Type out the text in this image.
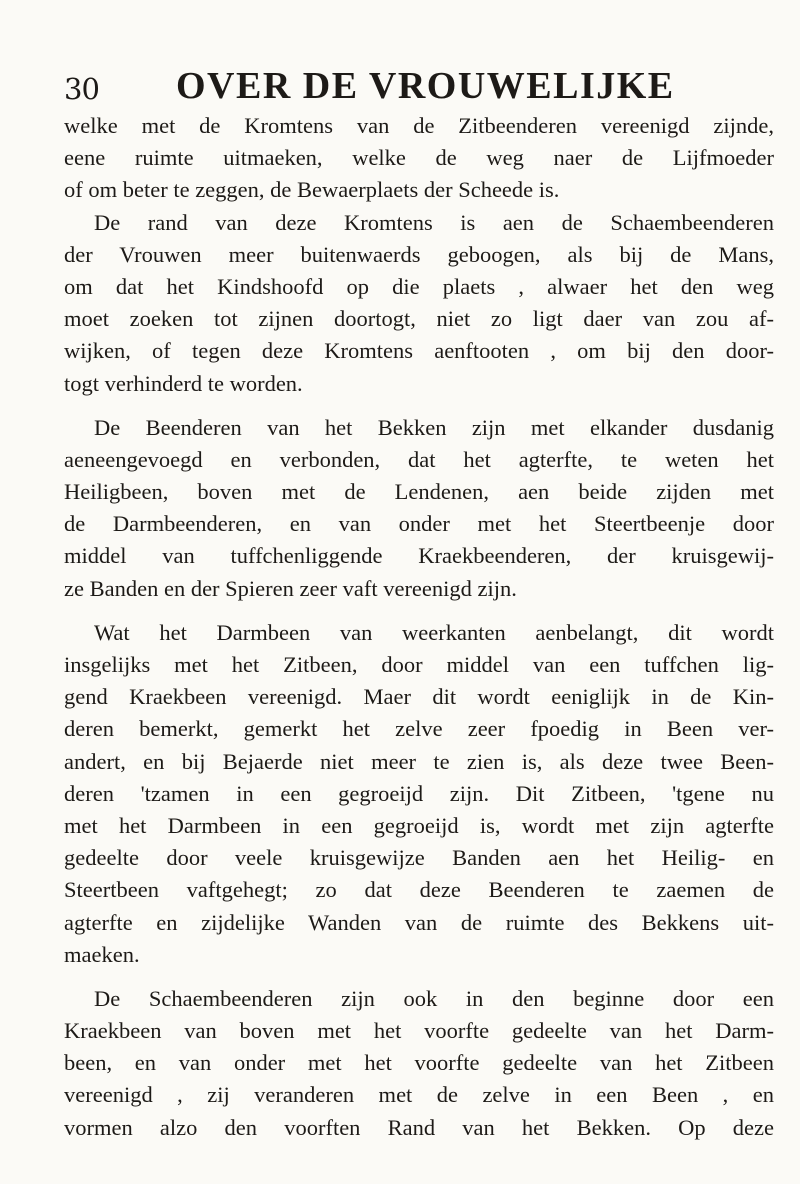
30 OVER DE VROUWELIJKE
welke met de Kromtens van de Zitbeenderen vereenigd zijnde,
eene ruimte uitmaeken, welke de weg naer de Lijfmoeder
of om beter te zeggen, de Bewaerplaets der Scheede is.
De rand van deze Kromtens is aen de Schaembeenderen
der Vrouwen meer buitenwaerds geboogen, als bij de Mans,
om dat het Kindshoofd op die plaets , alwaer het den weg
moet zoeken tot zijnen doortogt, niet zo ligt daer van zou af-
wijken, of tegen deze Kromtens aenftooten , om bij den door-
togt verhinderd te worden.
De Beenderen van het Bekken zijn met elkander dusdanig
aeneengevoegd en verbonden, dat het agterfte, te weten het
Heiligbeen, boven met de Lendenen, aen beide zijden met
de Darmbeenderen, en van onder met het Steertbeenje door
middel van tuffchenliggende Kraekbeenderen, der kruisgewij-
ze Banden en der Spieren zeer vaft vereenigd zijn.
Wat het Darmbeen van weerkanten aenbelangt, dit wordt
insgelijks met het Zitbeen, door middel van een tuffchen lig-
gend Kraekbeen vereenigd. Maer dit wordt eeniglijk in de Kin-
deren bemerkt, gemerkt het zelve zeer fpoedig in Been ver-
andert, en bij Bejaerde niet meer te zien is, als deze twee Been-
deren 'tzamen in een gegroeijd zijn. Dit Zitbeen, 'tgene nu
met het Darmbeen in een gegroeijd is, wordt met zijn agterfte
gedeelte door veele kruisgewijze Banden aen het Heilig- en
Steertbeen vaftgehegt; zo dat deze Beenderen te zaemen de
agterfte en zijdelijke Wanden van de ruimte des Bekkens uit-
maeken.
De Schaembeenderen zijn ook in den beginne door een
Kraekbeen van boven met het voorfte gedeelte van het Darm-
been, en van onder met het voorfte gedeelte van het Zitbeen
vereenigd , zij veranderen met de zelve in een Been , en
vormen alzo den voorften Rand van het Bekken. Op deze
